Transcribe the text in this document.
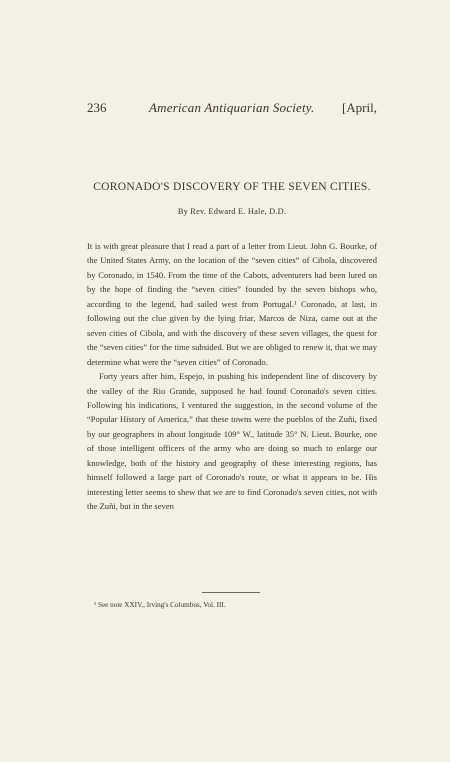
236	American Antiquarian Society. [April,
CORONADO'S DISCOVERY OF THE SEVEN CITIES.
By Rev. Edward E. Hale, D.D.

It is with great pleasure that I read a part of a letter from Lieut. John G. Bourke, of the United States Army, on the location of the “seven cities” of Cibola, discovered by Coronado, in 1540. From the time of the Cabots, adventurers had been lured on by the hope of finding the “seven cities” founded by the seven bishops who, according to the legend, had sailed west from Portugal.¹ Coronado, at last, in following out the clue given by the lying friar, Marcos de Niza, came out at the seven cities of Cibola, and with the discovery of these seven villages, the quest for the “seven cities” for the time subsided. But we are obliged to renew it, that we may determine what were the “seven cities” of Coronado.

Forty years after him, Espejo, in pushing his independent line of discovery by the valley of the Rio Grande, supposed he had found Coronado's seven cities. Following his indications, I ventured the suggestion, in the second volume of the “Popular History of America,” that these towns were the pueblos of the Zuñi, fixed by our geographers in about longitude 109° W., latitude 35° N. Lieut. Bourke, one of those intelligent officers of the army who are doing so much to enlarge our knowledge, both of the history and geography of these interesting regions, has himself followed a large part of Coronado's route, or what it appears to be. His interesting letter seems to shew that we are to find Coronado's seven cities, not with the Zuñi, but in the seven

¹ See note XXIV., Irving's Columbus, Vol. III.
